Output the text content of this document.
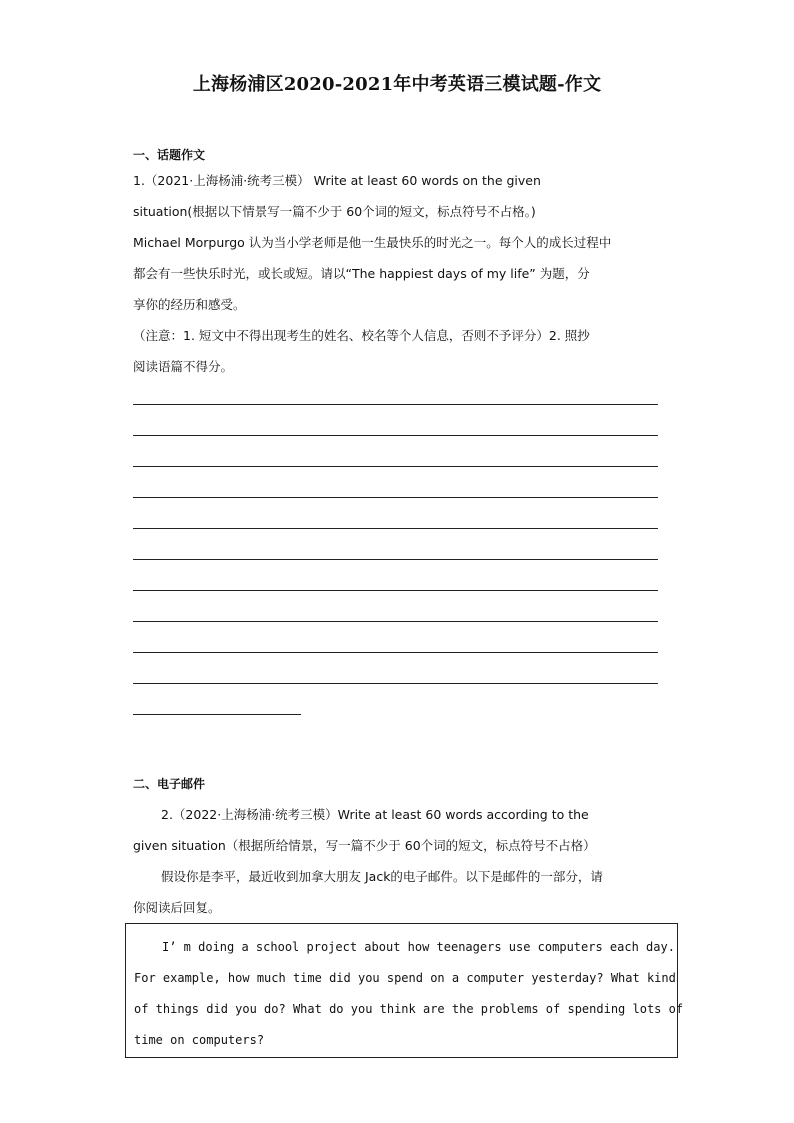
上海杨浦区2020-2021年中考英语三模试题-作文
一、话题作文
1.（2021·上海杨浦·统考三模） Write at least 60 words on the given
situation(根据以下情景写一篇不少于 60个词的短文，标点符号不占格。)
Michael Morpurgo 认为当小学老师是他一生最快乐的时光之一。每个人的成长过程中
都会有一些快乐时光，或长或短。请以“The happiest days of my life” 为题，分
享你的经历和感受。
（注意：1. 短文中不得出现考生的姓名、校名等个人信息，否则不予评分）2. 照抄
阅读语篇不得分。
二、电子邮件
2.（2022·上海杨浦·统考三模）Write at least 60 words according to the
given situation（根据所给情景，写一篇不少于 60个词的短文，标点符号不占格）
假设你是李平，最近收到加拿大朋友 Jack的电子邮件。以下是邮件的一部分，请
你阅读后回复。
I’ m doing a school project about how teenagers use computers each day.
For example, how much time did you spend on a computer yesterday? What kind
of things did you do? What do you think are the problems of spending lots of
time on computers?
